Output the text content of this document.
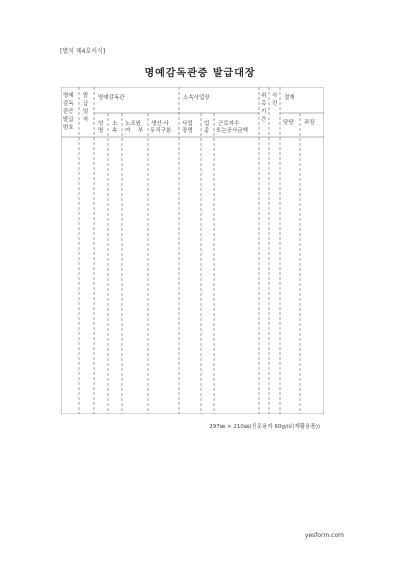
[별지 제4호서식]
명예감독관증 발급대장
명예 감독 관증 발급 번호
발 급 일 자
명예감독관
성 명
소 속
노조원 여 부
생산·사 무직구분
소속사업장
사업 장명
업 종
근로자수 또는공사금액
위 촉 기 간
사 진
결재
담당 과장
297㎜ × 210㎜(신문용지 60g/㎡(재활용품))
yesform.com
